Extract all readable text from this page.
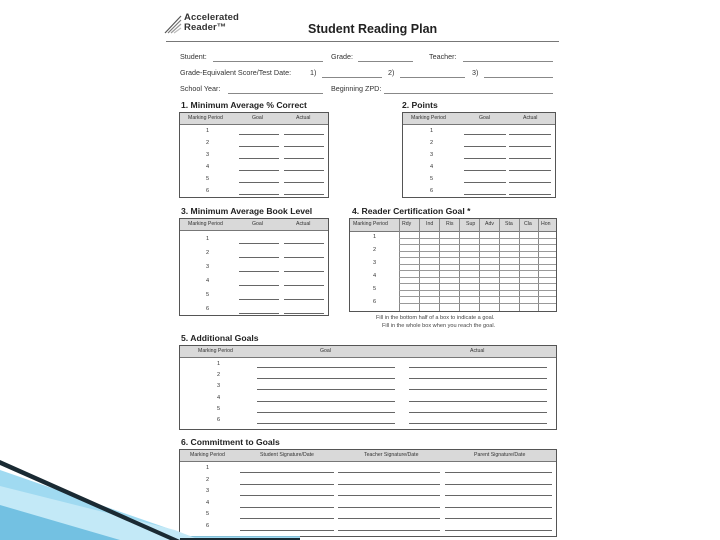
Accelerated
Reader™	Student Reading Plan
Student:	Grade:	Teacher:
Grade-Equivalent Score/Test Date:	1)	2)	3)
School Year:	Beginning ZPD:
1. Minimum Average % Correct
Marking Period	Goal	Actual
1
2
3
4
5
6
2. Points
Marking Period	Goal	Actual
1
2
3
4
5
6
3. Minimum Average Book Level
Marking Period	Goal	Actual
1
2
3
4
5
6
4. Reader Certification Goal *
Marking Period	Rdy	Ind Ris Sup Adv Sta Cla Hon
1
2
3
4
5
6
Fill in the bottom half of a box to indicate a goal.
Fill in the whole box when you reach the goal.
5. Additional Goals
Marking Period	Goal	Actual
1
2
3
4
5
6
6. Commitment to Goals
Marking Period	Student Signature/Date	Teacher Signature/Date	Parent Signature/Date
1
2
3
4
5
6
